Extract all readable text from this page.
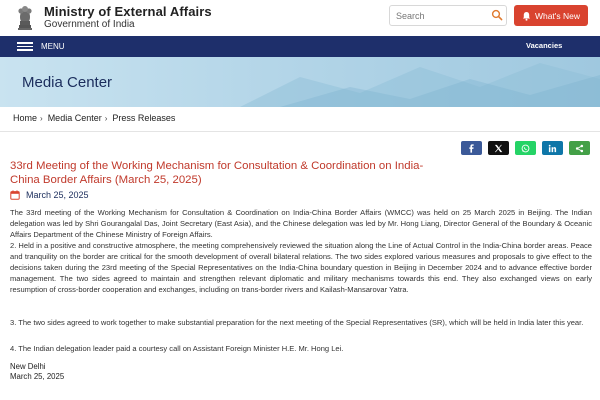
Ministry of External Affairs
Government of India
Search
What's New
MENU	Vacancies
Media Center
Home › Media Center › Press Releases
33rd Meeting of the Working Mechanism for Consultation & Coordination on India-China Border Affairs (March 25, 2025)
March 25, 2025

The 33rd meeting of the Working Mechanism for Consultation & Coordination on India-China Border Affairs (WMCC) was held on 25 March 2025 in Beijing. The Indian delegation was led by Shri Gourangalal Das, Joint Secretary (East Asia), and the Chinese delegation was led by Mr. Hong Liang, Director General of the Boundary & Oceanic Affairs Department of the Chinese Ministry of Foreign Affairs.

2. Held in a positive and constructive atmosphere, the meeting comprehensively reviewed the situation along the Line of Actual Control in the India-China border areas. Peace and tranquility on the border are critical for the smooth development of overall bilateral relations. The two sides explored various measures and proposals to give effect to the decisions taken during the 23rd meeting of the Special Representatives on the India-China boundary question in Beijing in December 2024 and to advance effective border management. The two sides agreed to maintain and strengthen relevant diplomatic and military mechanisms towards this end. They also exchanged views on early resumption of cross-border cooperation and exchanges, including on trans-border rivers and Kailash-Mansarovar Yatra.

3. The two sides agreed to work together to make substantial preparation for the next meeting of the Special Representatives (SR), which will be held in India later this year.

4. The Indian delegation leader paid a courtesy call on Assistant Foreign Minister H.E. Mr. Hong Lei.

New Delhi
March 25, 2025
